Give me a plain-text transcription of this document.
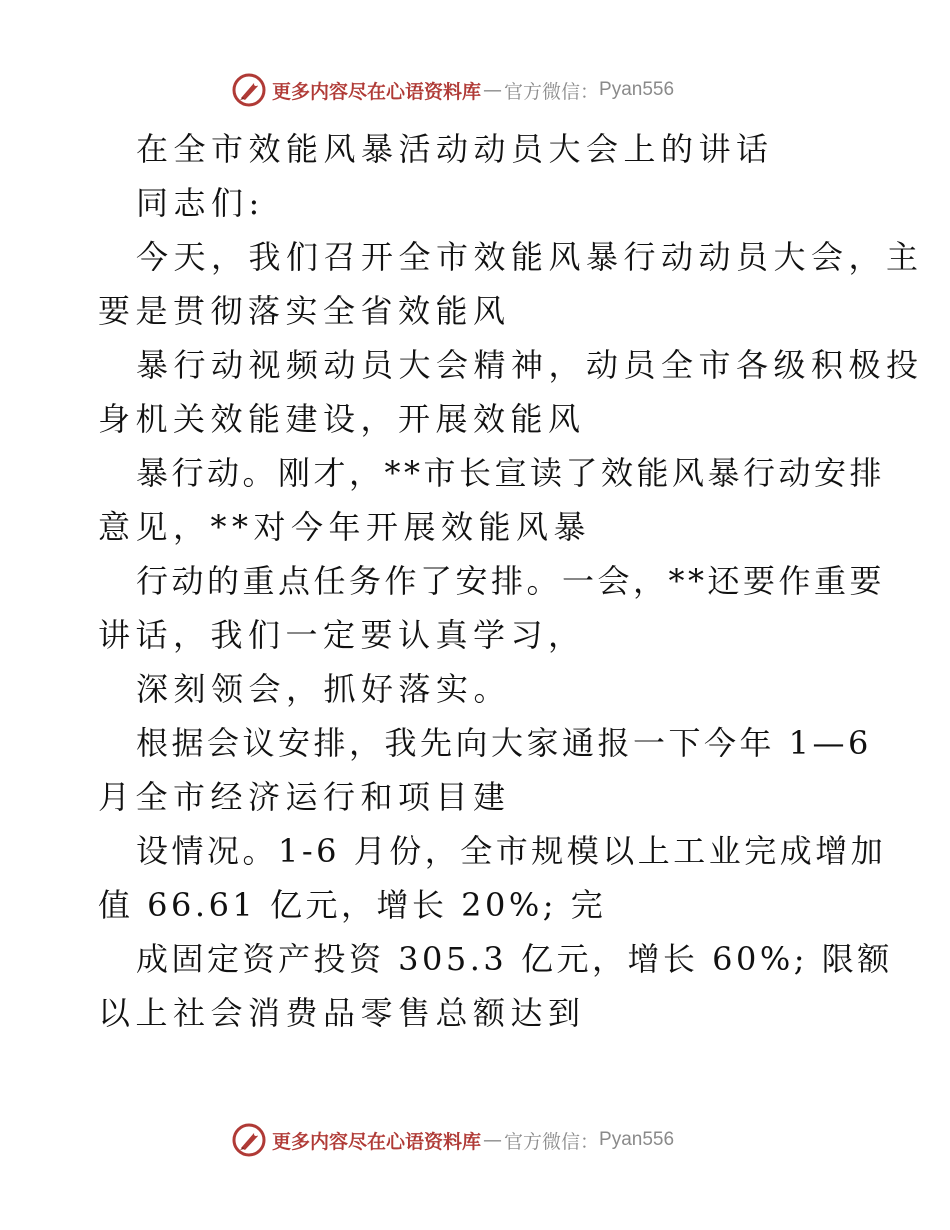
更多内容尽在心语资料库 — 官方微信： Pyan556
在全市效能风暴活动动员大会上的讲话
同志们:
今天，我们召开全市效能风暴行动动员大会，主
要是贯彻落实全省效能风
暴行动视频动员大会精神，动员全市各级积极投
身机关效能建设，开展效能风
暴行动。刚才，**市长宣读了效能风暴行动安排
意见，**对今年开展效能风暴
行动的重点任务作了安排。一会，**还要作重要
讲话，我们一定要认真学习，
深刻领会，抓好落实。
根据会议安排，我先向大家通报一下今年 1—6
月全市经济运行和项目建
设情况。1-6 月份，全市规模以上工业完成增加
值 66.61 亿元，增长 20%; 完
成固定资产投资 305.3 亿元，增长 60%; 限额
以上社会消费品零售总额达到
更多内容尽在心语资料库 — 官方微信： Pyan556
